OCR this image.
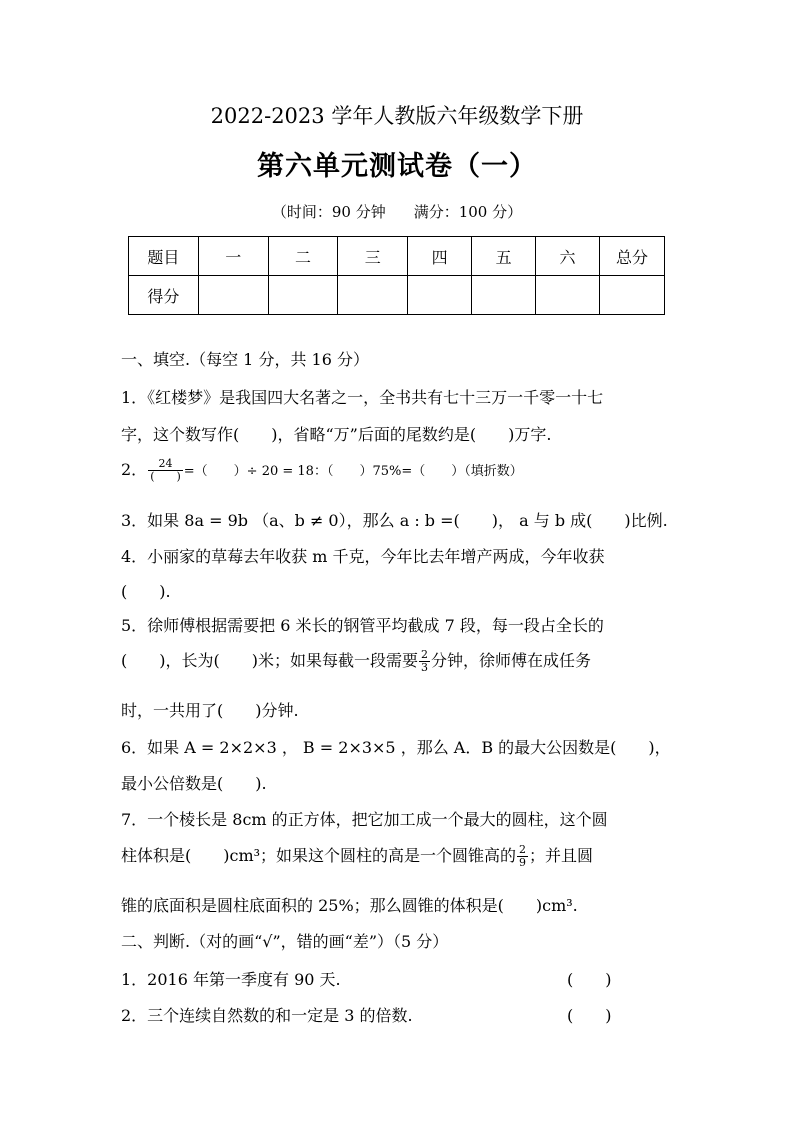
2022-2023 学年人教版六年级数学下册
第六单元测试卷（一）
（时间：90 分钟 满分：100 分）
题目	一	二	三	四	五	六	总分
得分							
一、填空.（每空 1 分，共 16 分）
1．《红楼梦》是我国四大名著之一，全书共有七十三万一千零一十七
字，这个数写作(　　)，省略“万”后面的尾数约是(　　)万字.
2． $\frac{24}{( )}$ =（　　）÷ 20 = 18：（　　）75%=（　　）（填折数）
3．如果 8a = 9b （a、b ≠ 0），那么 a : b =(　　)， a 与 b 成(　　)比例.
4．小丽家的草莓去年收获 m 千克，今年比去年增产两成，今年收获
(　　).
5．徐师傅根据需要把 6 米长的钢管平均截成 7 段，每一段占全长的
(　　)，长为(　　)米；如果每截一段需要 $\frac{2}{3}$ 分钟，徐师傅在成任务
时，一共用了(　　)分钟.
6．如果 A = 2×2×3 ， B = 2×3×5 ，那么 A．B 的最大公因数是(　　)，
最小公倍数是(　　).
7．一个棱长是 8cm 的正方体，把它加工成一个最大的圆柱，这个圆
柱体积是(　　)cm³；如果这个圆柱的高是一个圆锥高的 $\frac{2}{9}$ ；并且圆
锥的底面积是圆柱底面积的 25%；那么圆锥的体积是(　　)cm³.
二、判断.（对的画“√”，错的画“差”）（5 分）
1．2016 年第一季度有 90 天.	(　　)
2．三个连续自然数的和一定是 3 的倍数.	(　　)
